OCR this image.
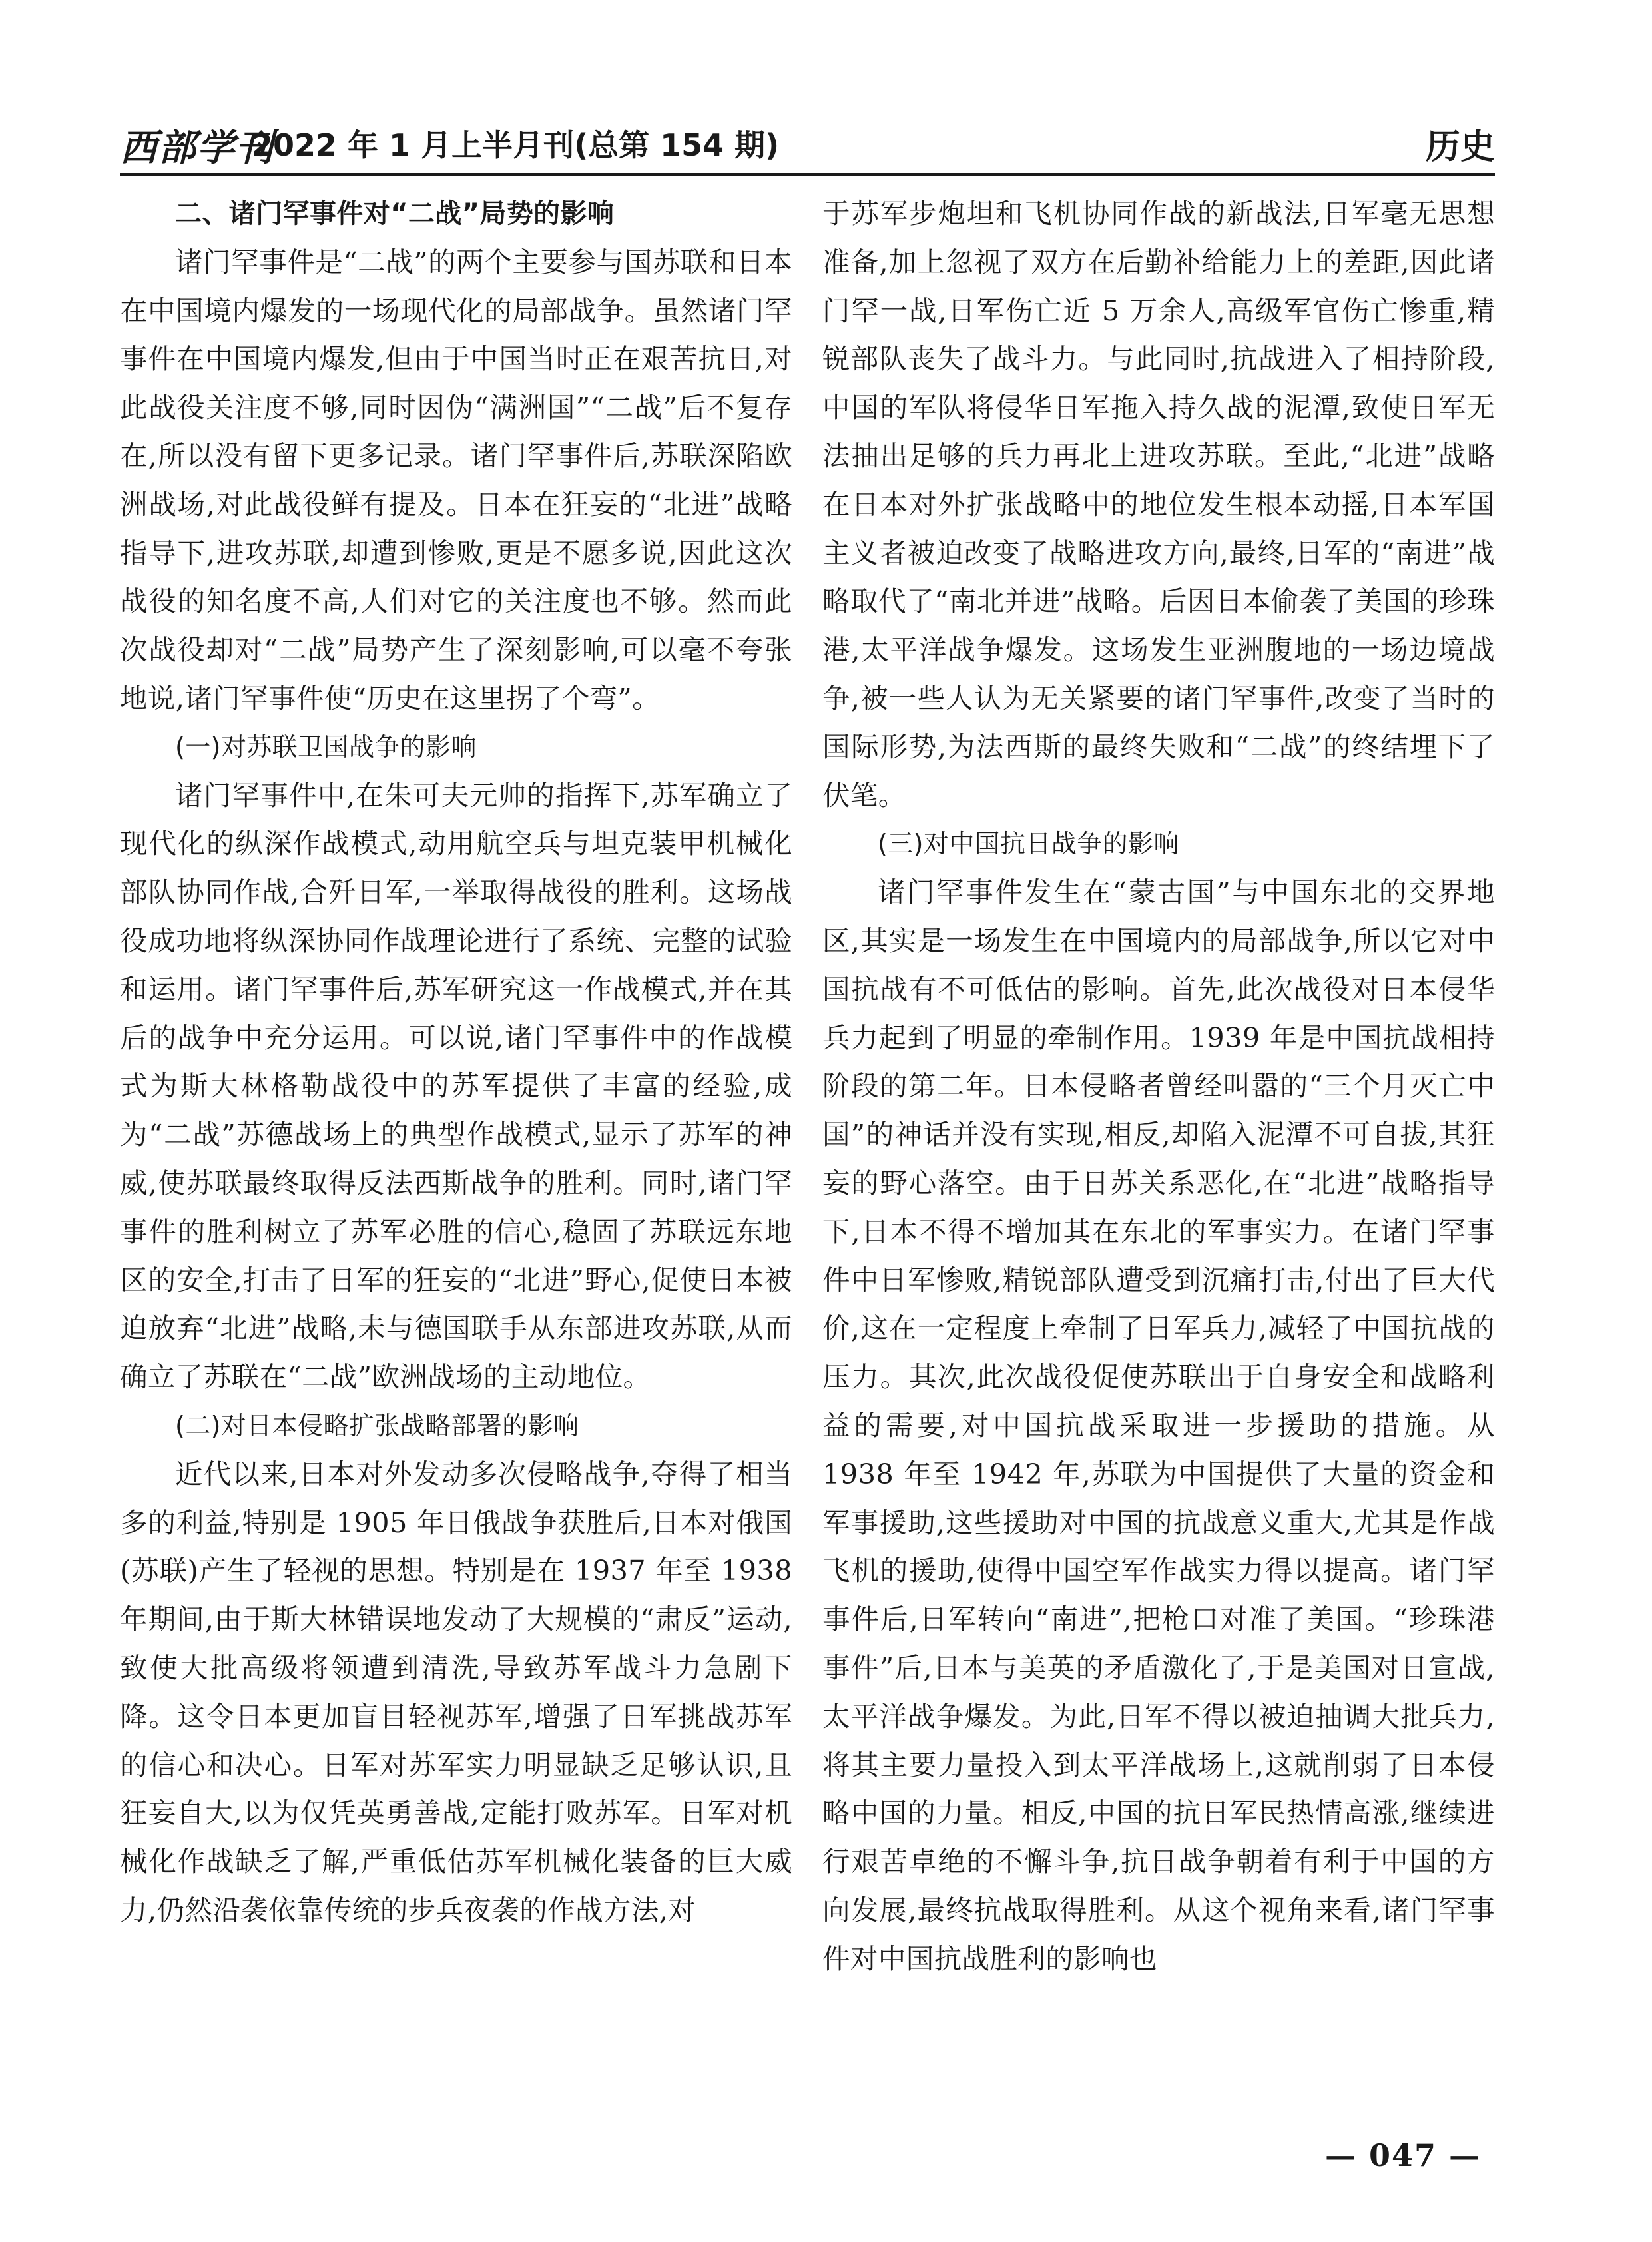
西部学刊
2022 年 1 月上半月刊(总第 154 期)	历史
二、诸门罕事件对“二战”局势的影响

诸门罕事件是“二战”的两个主要参与国苏联和日本在中国境内爆发的一场现代化的局部战争。虽然诸门罕事件在中国境内爆发,但由于中国当时正在艰苦抗日,对此战役关注度不够,同时因伪“满洲国”“二战”后不复存在,所以没有留下更多记录。诸门罕事件后,苏联深陷欧洲战场,对此战役鲜有提及。日本在狂妄的“北进”战略指导下,进攻苏联,却遭到惨败,更是不愿多说,因此这次战役的知名度不高,人们对它的关注度也不够。然而此次战役却对“二战”局势产生了深刻影响,可以毫不夸张地说,诸门罕事件使“历史在这里拐了个弯”。

(一)对苏联卫国战争的影响

诸门罕事件中,在朱可夫元帅的指挥下,苏军确立了现代化的纵深作战模式,动用航空兵与坦克装甲机械化部队协同作战,合歼日军,一举取得战役的胜利。这场战役成功地将纵深协同作战理论进行了系统、完整的试验和运用。诸门罕事件后,苏军研究这一作战模式,并在其后的战争中充分运用。可以说,诸门罕事件中的作战模式为斯大林格勒战役中的苏军提供了丰富的经验,成为“二战”苏德战场上的典型作战模式,显示了苏军的神威,使苏联最终取得反法西斯战争的胜利。同时,诸门罕事件的胜利树立了苏军必胜的信心,稳固了苏联远东地区的安全,打击了日军的狂妄的“北进”野心,促使日本被迫放弃“北进”战略,未与德国联手从东部进攻苏联,从而确立了苏联在“二战”欧洲战场的主动地位。

(二)对日本侵略扩张战略部署的影响

近代以来,日本对外发动多次侵略战争,夺得了相当多的利益,特别是 1905 年日俄战争获胜后,日本对俄国(苏联)产生了轻视的思想。特别是在 1937 年至 1938 年期间,由于斯大林错误地发动了大规模的“肃反”运动,致使大批高级将领遭到清洗,导致苏军战斗力急剧下降。这令日本更加盲目轻视苏军,增强了日军挑战苏军的信心和决心。日军对苏军实力明显缺乏足够认识,且狂妄自大,以为仅凭英勇善战,定能打败苏军。日军对机械化作战缺乏了解,严重低估苏军机械化装备的巨大威力,仍然沿袭依靠传统的步兵夜袭的作战方法,对

于苏军步炮坦和飞机协同作战的新战法,日军毫无思想准备,加上忽视了双方在后勤补给能力上的差距,因此诸门罕一战,日军伤亡近 5 万余人,高级军官伤亡惨重,精锐部队丧失了战斗力。与此同时,抗战进入了相持阶段,中国的军队将侵华日军拖入持久战的泥潭,致使日军无法抽出足够的兵力再北上进攻苏联。至此,“北进”战略在日本对外扩张战略中的地位发生根本动摇,日本军国主义者被迫改变了战略进攻方向,最终,日军的“南进”战略取代了“南北并进”战略。后因日本偷袭了美国的珍珠港,太平洋战争爆发。这场发生亚洲腹地的一场边境战争,被一些人认为无关紧要的诸门罕事件,改变了当时的国际形势,为法西斯的最终失败和“二战”的终结埋下了伏笔。

(三)对中国抗日战争的影响

诸门罕事件发生在“蒙古国”与中国东北的交界地区,其实是一场发生在中国境内的局部战争,所以它对中国抗战有不可低估的影响。首先,此次战役对日本侵华兵力起到了明显的牵制作用。1939 年是中国抗战相持阶段的第二年。日本侵略者曾经叫嚣的“三个月灭亡中国”的神话并没有实现,相反,却陷入泥潭不可自拔,其狂妄的野心落空。由于日苏关系恶化,在“北进”战略指导下,日本不得不增加其在东北的军事实力。在诸门罕事件中日军惨败,精锐部队遭受到沉痛打击,付出了巨大代价,这在一定程度上牵制了日军兵力,减轻了中国抗战的压力。其次,此次战役促使苏联出于自身安全和战略利益的需要,对中国抗战采取进一步援助的措施。从 1938 年至 1942 年,苏联为中国提供了大量的资金和军事援助,这些援助对中国的抗战意义重大,尤其是作战飞机的援助,使得中国空军作战实力得以提高。诸门罕事件后,日军转向“南进”,把枪口对准了美国。“珍珠港事件”后,日本与美英的矛盾激化了,于是美国对日宣战,太平洋战争爆发。为此,日军不得以被迫抽调大批兵力,将其主要力量投入到太平洋战场上,这就削弱了日本侵略中国的力量。相反,中国的抗日军民热情高涨,继续进行艰苦卓绝的不懈斗争,抗日战争朝着有利于中国的方向发展,最终抗战取得胜利。从这个视角来看,诸门罕事件对中国抗战胜利的影响也

— 047 —
